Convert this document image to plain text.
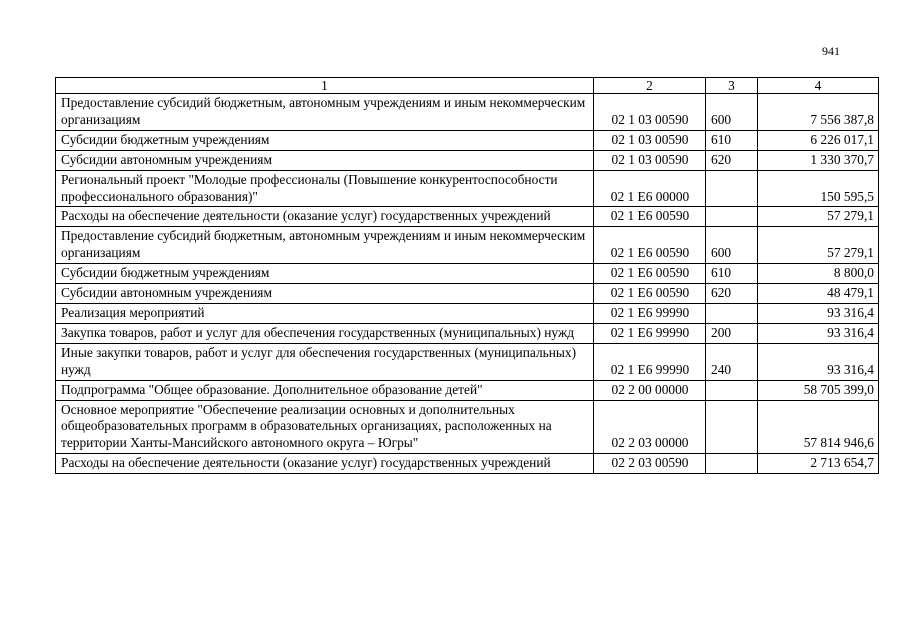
941
1	2	3	4
Предоставление субсидий бюджетным, автономным учреждениям и иным некоммерческим организациям	02 1 03 00590	600	7 556 387,8
Субсидии бюджетным учреждениям	02 1 03 00590	610	6 226 017,1
Субсидии автономным учреждениям	02 1 03 00590	620	1 330 370,7
Региональный проект "Молодые профессионалы (Повышение конкурентоспособности профессионального образования)"	02 1 E6 00000		150 595,5
Расходы на обеспечение деятельности (оказание услуг) государственных учреждений	02 1 E6 00590		57 279,1
Предоставление субсидий бюджетным, автономным учреждениям и иным некоммерческим организациям	02 1 E6 00590	600	57 279,1
Субсидии бюджетным учреждениям	02 1 E6 00590	610	8 800,0
Субсидии автономным учреждениям	02 1 E6 00590	620	48 479,1
Реализация мероприятий	02 1 E6 99990		93 316,4
Закупка товаров, работ и услуг для обеспечения государственных (муниципальных) нужд	02 1 E6 99990	200	93 316,4
Иные закупки товаров, работ и услуг для обеспечения государственных (муниципальных) нужд	02 1 E6 99990	240	93 316,4
Подпрограмма "Общее образование. Дополнительное образование детей"	02 2 00 00000		58 705 399,0
Основное мероприятие "Обеспечение реализации основных и дополнительных общеобразовательных программ в образовательных организациях, расположенных на территории Ханты-Мансийского автономного округа – Югры"	02 2 03 00000		57 814 946,6
Расходы на обеспечение деятельности (оказание услуг) государственных учреждений	02 2 03 00590		2 713 654,7
